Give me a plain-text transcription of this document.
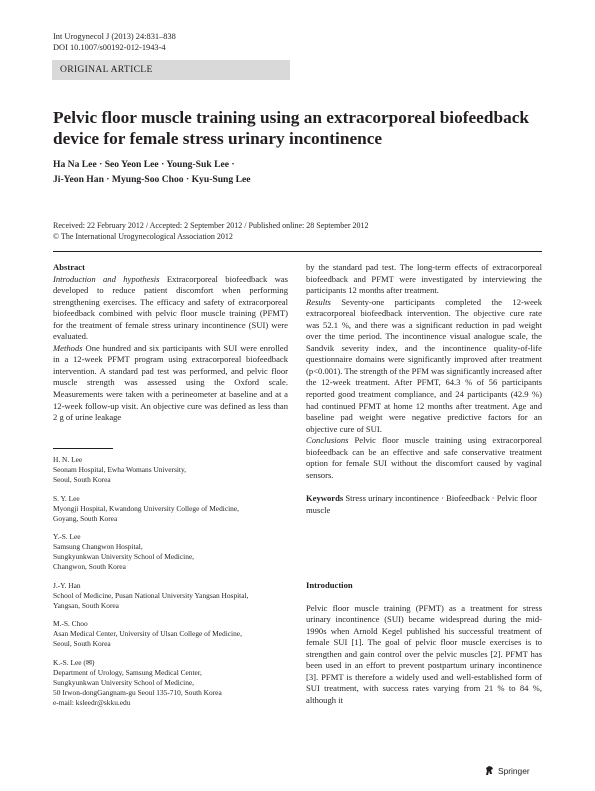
Int Urogynecol J (2013) 24:831–838
DOI 10.1007/s00192-012-1943-4
ORIGINAL ARTICLE
Pelvic floor muscle training using an extracorporeal biofeedback
device for female stress urinary incontinence
Ha Na Lee · Seo Yeon Lee · Young-Suk Lee ·
Ji-Yeon Han · Myung-Soo Choo · Kyu-Sung Lee
Received: 22 February 2012 / Accepted: 2 September 2012 / Published online: 28 September 2012
© The International Urogynecological Association 2012

Abstract

Introduction and hypothesis Extracorporeal biofeedback was developed to reduce patient discomfort when performing strengthening exercises. The efficacy and safety of extracorporeal biofeedback combined with pelvic floor muscle training (PFMT) for the treatment of female stress urinary incontinence (SUI) were evaluated.

Methods One hundred and six participants with SUI were enrolled in a 12-week PFMT program using extracorporeal biofeedback intervention. A standard pad test was performed, and pelvic floor muscle strength was assessed using the Oxford scale. Measurements were taken with a perineometer at baseline and at a 12-week follow-up visit. An objective cure was defined as less than 2 g of urine leakage

H. N. Lee
Seonam Hospital, Ewha Womans University,
Seoul, South Korea
S. Y. Lee
Myongji Hospital, Kwandong University College of Medicine,
Goyang, South Korea
Y.-S. Lee
Samsung Changwon Hospital,
Sungkyunkwan University School of Medicine,
Changwon, South Korea
J.-Y. Han
School of Medicine, Pusan National University Yangsan Hospital,
Yangsan, South Korea
M.-S. Choo
Asan Medical Center, University of Ulsan College of Medicine,
Seoul, South Korea
K.-S. Lee (✉)
Department of Urology, Samsung Medical Center,
Sungkyunkwan University School of Medicine,
50 Irwon-dongGangnam-gu Seoul 135-710, South Korea
e-mail: ksleedr@skku.edu

by the standard pad test. The long-term effects of extracorporeal biofeedback and PFMT were investigated by interviewing the participants 12 months after treatment.

Results Seventy-one participants completed the 12-week extracorporeal biofeedback intervention. The objective cure rate was 52.1 %, and there was a significant reduction in pad weight over the time period. The incontinence visual analogue scale, the Sandvik severity index, and the incontinence quality-of-life questionnaire domains were significantly improved after treatment (p<0.001). The strength of the PFM was significantly increased after the 12-week treatment. After PFMT, 64.3 % of 56 participants reported good treatment compliance, and 24 participants (42.9 %) had continued PFMT at home 12 months after treatment. Age and baseline pad weight were negative predictive factors for an objective cure of SUI.

Conclusions Pelvic floor muscle training using extracorporeal biofeedback can be an effective and safe conservative treatment option for female SUI without the discomfort caused by vaginal sensors.

Keywords Stress urinary incontinence · Biofeedback · Pelvic floor muscle

Introduction

Pelvic floor muscle training (PFMT) as a treatment for stress urinary incontinence (SUI) became widespread during the mid-1990s when Arnold Kegel published his successful treatment of female SUI [1]. The goal of pelvic floor muscle exercises is to strengthen and gain control over the pelvic muscles [2]. PFMT has been used in an effort to prevent postpartum urinary incontinence [3]. PFMT is therefore a widely used and well-established form of SUI treatment, with success rates varying from 21 % to 84 %, although it

Springer
